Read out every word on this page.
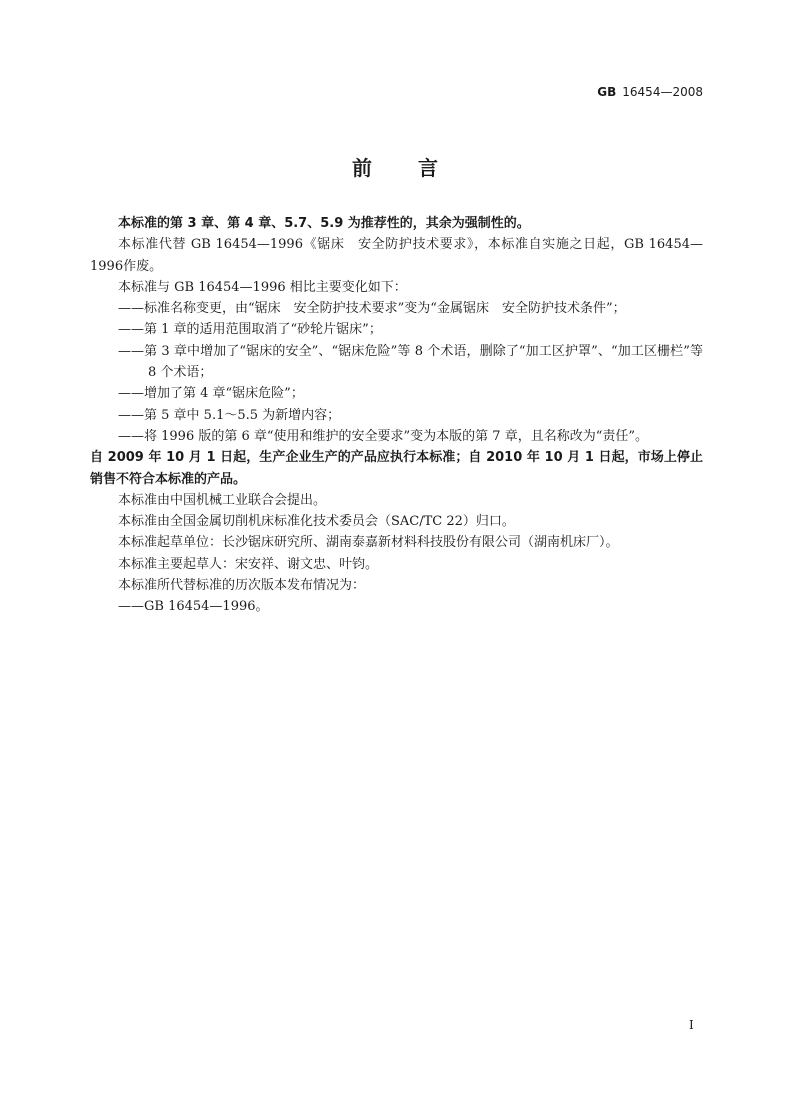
GB 16454—2008
前　　言

本标准的第 3 章、第 4 章、5.7、5.9 为推荐性的，其余为强制性的。

本标准代替 GB 16454—1996《锯床　安全防护技术要求》，本标准自实施之日起，GB 16454—1996作废。

本标准与 GB 16454—1996 相比主要变化如下：

——标准名称变更，由“锯床　安全防护技术要求”变为“金属锯床　安全防护技术条件”；

——第 1 章的适用范围取消了“砂轮片锯床”；

——第 3 章中增加了“锯床的安全”、“锯床危险”等 8 个术语，删除了“加工区护罩”、“加工区栅栏”等 8 个术语；

——增加了第 4 章“锯床危险”；

——第 5 章中 5.1～5.5 为新增内容；

——将 1996 版的第 6 章“使用和维护的安全要求”变为本版的第 7 章，且名称改为“责任”。

自 2009 年 10 月 1 日起，生产企业生产的产品应执行本标准；自 2010 年 10 月 1 日起，市场上停止销售不符合本标准的产品。

本标准由中国机械工业联合会提出。

本标准由全国金属切削机床标准化技术委员会（SAC/TC 22）归口。

本标准起草单位：长沙锯床研究所、湖南泰嘉新材料科技股份有限公司（湖南机床厂）。

本标准主要起草人：宋安祥、谢文忠、叶钧。

本标准所代替标准的历次版本发布情况为：

——GB 16454—1996。

I
